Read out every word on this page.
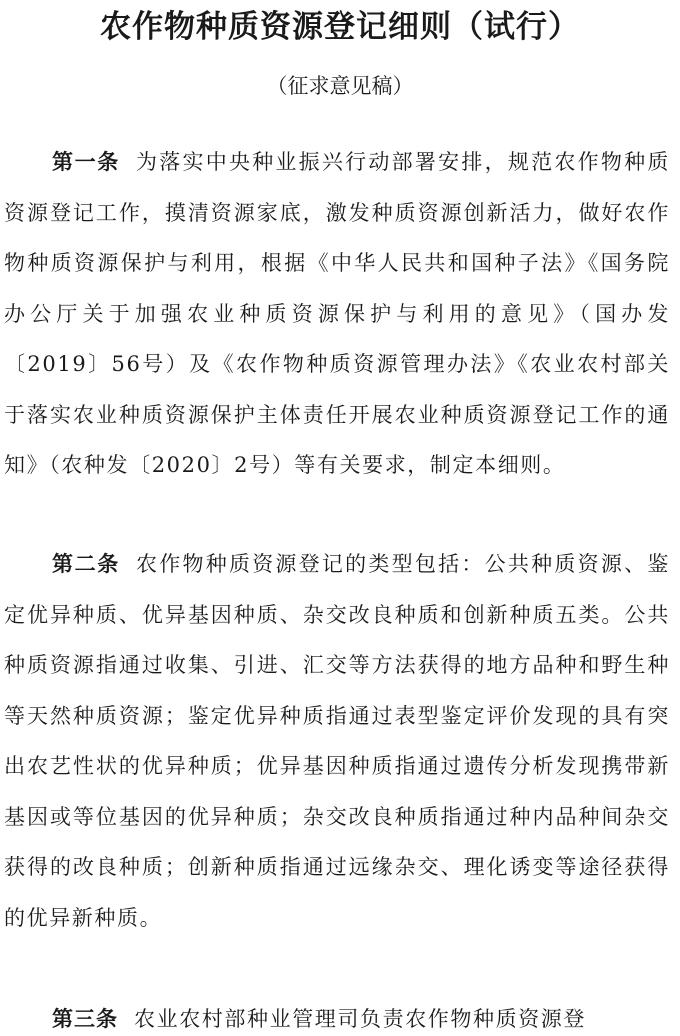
农作物种质资源登记细则（试行）
（征求意见稿）

第一条 为落实中央种业振兴行动部署安排，规范农作物种质资源登记工作，摸清资源家底，激发种质资源创新活力，做好农作物种质资源保护与利用，根据《中华人民共和国种子法》《国务院办公厅关于加强农业种质资源保护与利用的意见》（国办发〔2019〕56号）及《农作物种质资源管理办法》《农业农村部关于落实农业种质资源保护主体责任开展农业种质资源登记工作的通知》（农种发〔2020〕2号）等有关要求，制定本细则。

第二条 农作物种质资源登记的类型包括：公共种质资源、鉴定优异种质、优异基因种质、杂交改良种质和创新种质五类。公共种质资源指通过收集、引进、汇交等方法获得的地方品种和野生种等天然种质资源；鉴定优异种质指通过表型鉴定评价发现的具有突出农艺性状的优异种质；优异基因种质指通过遗传分析发现携带新基因或等位基因的优异种质；杂交改良种质指通过种内品种间杂交获得的改良种质；创新种质指通过远缘杂交、理化诱变等途径获得的优异新种质。

第三条 农业农村部种业管理司负责农作物种质资源登
